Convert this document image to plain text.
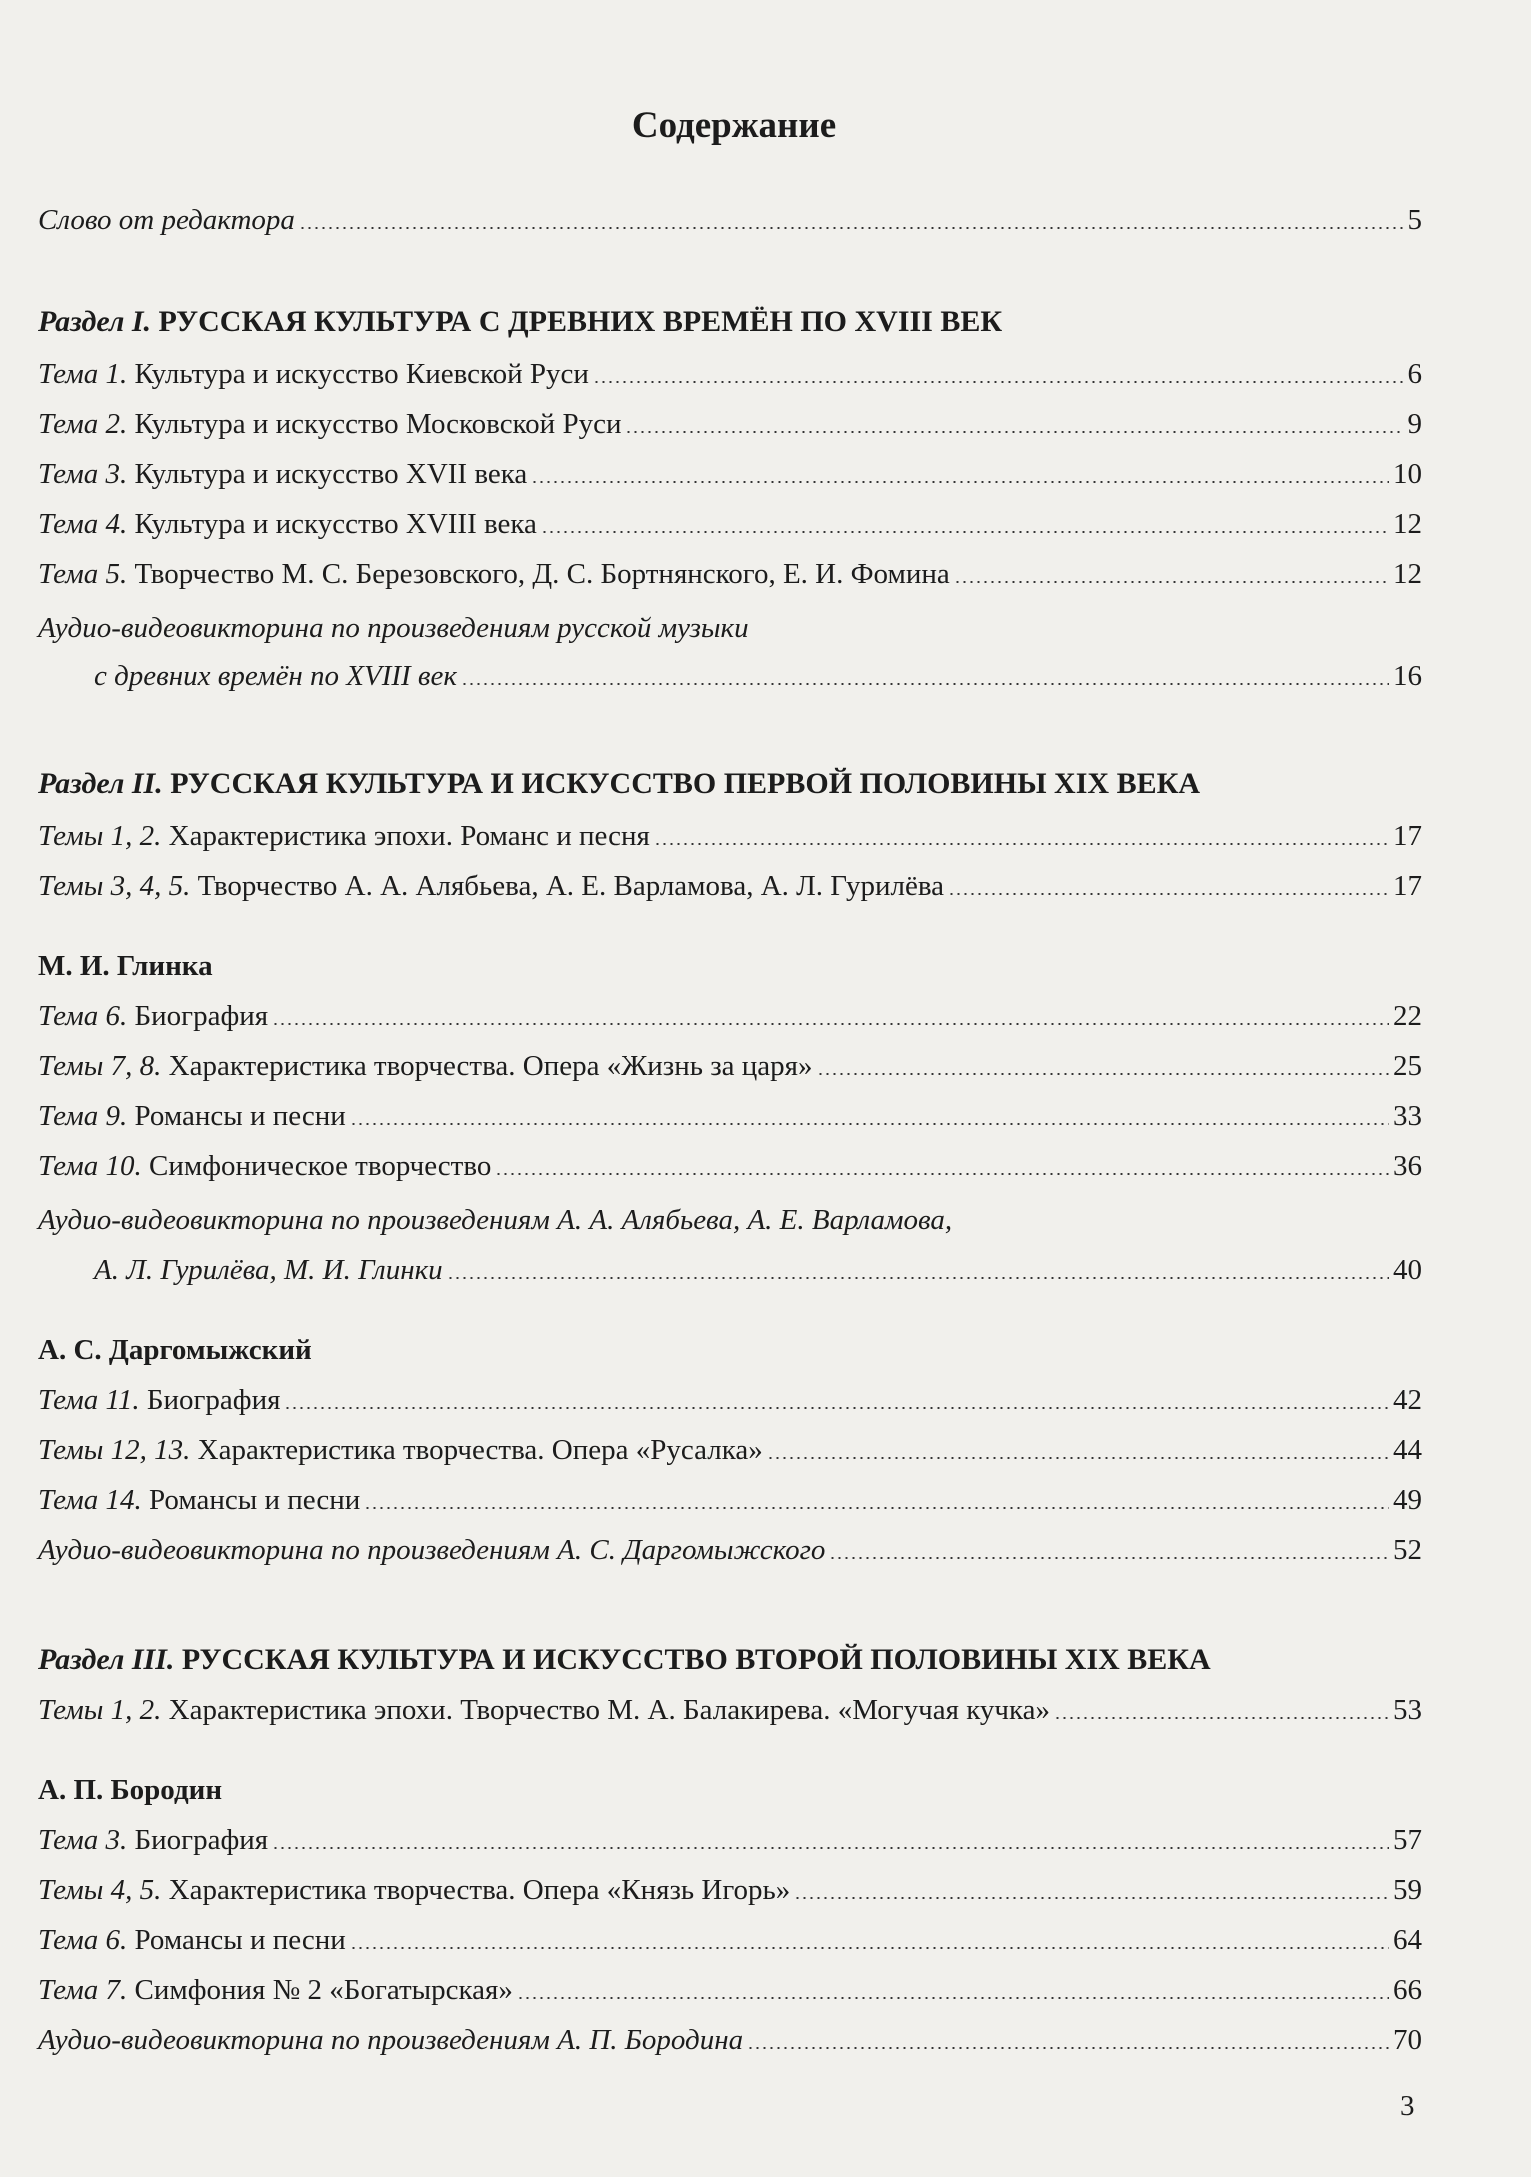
Содержание
Слово от редактора	5
Раздел I. РУССКАЯ КУЛЬТУРА С ДРЕВНИХ ВРЕМЁН ПО XVIII ВЕК
Тема 1. Культура и искусство Киевской Руси	6
Тема 2. Культура и искусство Московской Руси	9
Тема 3. Культура и искусство XVII века	10
Тема 4. Культура и искусство XVIII века	12
Тема 5. Творчество М. С. Березовского, Д. С. Бортнянского, Е. И. Фомина	12
Аудио-видеовикторина по произведениям русской музыки
с древних времён по XVIII век	16
Раздел II. РУССКАЯ КУЛЬТУРА И ИСКУССТВО ПЕРВОЙ ПОЛОВИНЫ XIX ВЕКА
Темы 1, 2. Характеристика эпохи. Романс и песня	17
Темы 3, 4, 5. Творчество А. А. Алябьева, А. Е. Варламова, А. Л. Гурилёва	17
М. И. Глинка
Тема 6. Биография	22
Темы 7, 8. Характеристика творчества. Опера «Жизнь за царя»	25
Тема 9. Романсы и песни	33
Тема 10. Симфоническое творчество	36
Аудио-видеовикторина по произведениям А. А. Алябьева, А. Е. Варламова,
А. Л. Гурилёва, М. И. Глинки	40
А. С. Даргомыжский
Тема 11. Биография	42
Темы 12, 13. Характеристика творчества. Опера «Русалка»	44
Тема 14. Романсы и песни	49
Аудио-видеовикторина по произведениям А. С. Даргомыжского	52
Раздел III. РУССКАЯ КУЛЬТУРА И ИСКУССТВО ВТОРОЙ ПОЛОВИНЫ XIX ВЕКА
Темы 1, 2. Характеристика эпохи. Творчество М. А. Балакирева. «Могучая кучка»	53
А. П. Бородин
Тема 3. Биография	57
Темы 4, 5. Характеристика творчества. Опера «Князь Игорь»	59
Тема 6. Романсы и песни	64
Тема 7. Симфония № 2 «Богатырская»	66
Аудио-видеовикторина по произведениям А. П. Бородина	70
3
